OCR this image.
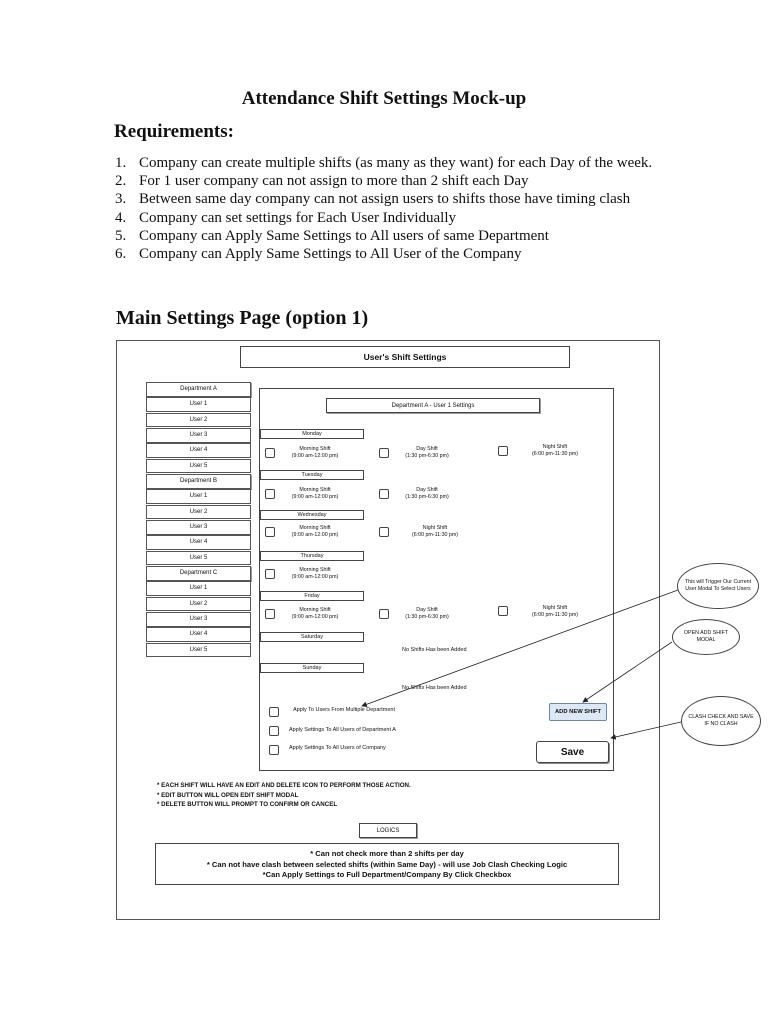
Attendance Shift Settings Mock-up
Requirements:
1. Company can create multiple shifts (as many as they want) for each Day of the week.
2. For 1 user company can not assign to more than 2 shift each Day
3. Between same day company can not assign users to shifts those have timing clash
4. Company can set settings for Each User Individually
5. Company can Apply Same Settings to All users of same Department
6. Company can Apply Same Settings to All User of the Company
Main Settings Page (option 1)
User's Shift Settings
Department A
User 1
User 2
User 3
User 4
User 5
Department B
User 1
User 2
User 3
User 4
User 5
Department C
User 1
User 2
User 3
User 4
User 5
Department A - User 1 Settings
Monday
Morning Shift
(9:00 am-12:00 pm)
Day Shift
(1:30 pm-6:30 pm)
Night Shift
(6:00 pm-11:30 pm)
Tuesday
Morning Shift
(9:00 am-12:00 pm)
Day Shift
(1:30 pm-6:30 pm)
Wednesday
Morning Shift
(9:00 am-12:00 pm)
Night Shift
(6:00 pm-11:30 pm)
Thursday
Morning Shift
(9:00 am-12:00 pm)
Friday
Morning Shift
(9:00 am-12:00 pm)
Day Shift
(1:30 pm-6:30 pm)
Night Shift
(6:00 pm-11:30 pm)
Saturday
No Shifts Has been Added
Sunday
No Shifts Has been Added
Apply To Users From Multiple Department
Apply Settings To All Users of Department A
Apply Settings To All Users of Company
ADD NEW SHIFT
Save
* EACH SHIFT WILL HAVE AN EDIT AND DELETE ICON TO PERFORM THOSE ACTION.
* EDIT BUTTON WILL OPEN EDIT SHIFT MODAL
* DELETE BUTTON WILL PROMPT TO CONFIRM OR CANCEL
LOGICS
* Can not check more than 2 shifts per day
* Can not have clash between selected shifts (within Same Day) - will use Job Clash Checking Logic
*Can Apply Settings to Full Department/Company By Click Checkbox
This will Trigger Our Current User Modal To Select Users
OPEN ADD SHIFT MODAL
CLASH CHECK AND SAVE IF NO CLASH
